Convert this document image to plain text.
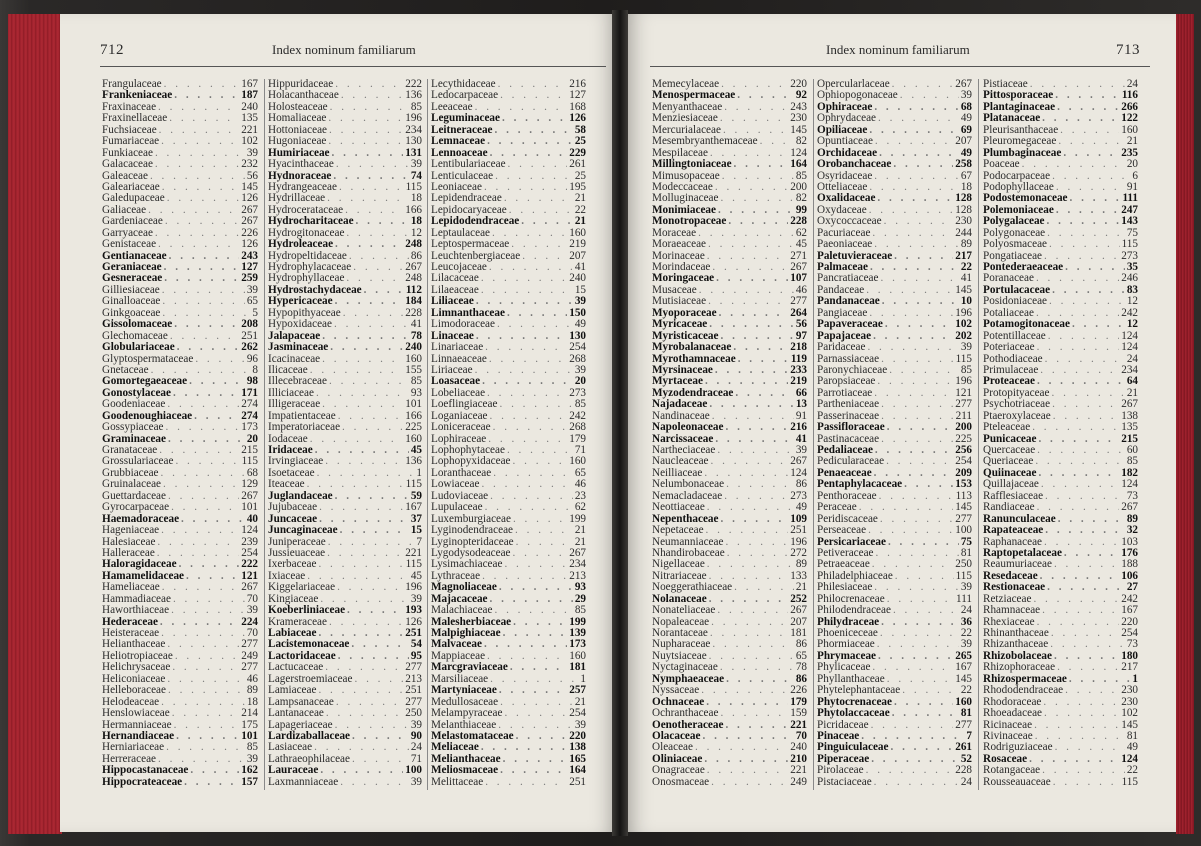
712	Index nominum familiarum
Frangulaceae . . .	167
Frankeniaceae . . .	187
Fraxinaceae . . .	240
Fraxinellaceae . . .	135
Fuchsiaceae . . .	221
Fumariaceae . . .	102
Funkiaceae . . .	39
Galacaceae . . .	232
Galeaceae . . .	56
Galeariaceae . . .	145
Galedupaceae . . .	126
Galiaceae . . .	267
Gardeniaceae . . .	267
Garryaceae . . .	226
Genistaceae . . .	126
Gentianaceae . . .	243
Geraniaceae . . .	127
Gesneraceae . . .	259
Gilliesiaceae . . .	39
Ginalloaceae . . .	65
Ginkgoaceae . . .	5
Gissolomaceae . . .	208
Glechomaceae . . .	251
Globulariaceae . . .	262
Glyptospermataceae . . .	96
Gnetaceae . . .	8
Gomortegaeaceae . . .	98
Gonostylaceae . . .	171
Goodeniaceae . . .	274
Goodenoughiaceae . . .	274
Gossypiaceae . . .	173
Graminaceae . . .	20
Granataceae . . .	215
Grossulariaceae . . .	115
Grubbiaceae . . .	68
Gruinalaceae . . .	129
Guettardaceae . . .	267
Gyrocarpaceae . . .	101
Haemadoraceae . . .	40
Hageniaceae . . .	124
Halesiaceae . . .	239
Halleraceae . . .	254
Haloragidaceae . . .	222
Hamamelidaceae . . .	121
Hameliaceae . . .	267
Hammadiaceae . . .	70
Haworthiaceae . . .	39
Hederaceae . . .	224
Heisteraceae . . .	70
Helianthaceae . . .	277
Heliotropiaceae . . .	249
Helichrysaceae . . .	277
Heliconiaceae . . .	46
Helleboraceae . . .	89
Helodeaceae . . .	18
Henslowiaceae . . .	214
Hermanniaceae . . .	175
Hernandiaceae . . .	101
Herniariaceae . . .	85
Herreraceae . . .	39
Hippocastanaceae . . .	162
Hippocrateaceae . . .	157
Hippuridaceae . . .	222
Holacanthaceae . . .	136
Holosteaceae . . .	85
Homaliaceae . . .	196
Hottoniaceae . . .	234
Hugoniaceae . . .	130
Humiriaceae . . .	131
Hyacinthaceae . . .	39
Hydnoraceae . . .	74
Hydrangeaceae . . .	115
Hydrillaceae . . .	18
Hydrocerataceae . . .	166
Hydrocharitaceae . . .	18
Hydrogitonaceae . . .	12
Hydroleaceae . . .	248
Hydropeltidaceae . . .	86
Hydrophylacaceae . . .	267
Hydrophyllaceae . . .	248
Hydrostachydaceae . . .	112
Hypericaceae . . .	184
Hypopithyaceae . . .	228
Hypoxidaceae . . .	41
Jalapaceae . . .	78
Jasminaceae . . .	240
Icacinaceae . . .	160
Ilicaceae . . .	155
Illecebraceae . . .	85
Illiciaceae . . .	93
Illigeraceae . . .	101
Impatientaceae . . .	166
Imperatoriaceae . . .	225
Iodaceae . . .	160
Iridaceae . . .	45
Irvingiaceae . . .	136
Isoetaceae . . .	1
Iteaceae . . .	115
Juglandaceae . . .	59
Jujubaceae . . .	167
Juncaceae . . .	37
Juncaginaceae . . .	15
Juniperaceae . . .	7
Jussieuaceae . . .	221
Ixerbaceae . . .	115
Ixiaceae . . .	45
Kiggelariaceae . . .	196
Kingiaceae . . .	39
Koeberliniaceae . . .	193
Krameraceae . . .	126
Labiaceae . . .	251
Lacistemonaceae . . .	54
Lactoridaceae . . .	95
Lactucaceae . . .	277
Lagerstroemiaceae . . .	213
Lamiaceae . . .	251
Lampsanaceae . . .	277
Lantanaceae . . .	250
Lapageriaceae . . .	39
Lardizaballaceae . . .	90
Lasiaceae . . .	24
Lathraeophilaceae . . .	71
Lauraceae . . .	100
Laxmanniaceae . . .	39
Lecythidaceae . . .	216
Ledocarpaceae . . .	127
Leeaceae . . .	168
Leguminaceae . . .	126
Leitneraceae . . .	58
Lemnaceae . . .	25
Lennoaceae . . .	229
Lentibulariaceae . . .	261
Lenticulaceae . . .	25
Leoniaceae . . .	195
Lepidendraceae . . .	21
Lepidocaryaceae . . .	22
Lepidodendraceae . . .	21
Leptaulaceae . . .	160
Leptospermaceae . . .	219
Leuchtenbergiaceae . . .	207
Leucojaceae . . .	41
Lilacaceae . . .	240
Lilaeaceae . . .	15
Liliaceae . . .	39
Limnanthaceae . . .	150
Limodoraceae . . .	49
Linaceae . . .	130
Linariaceae . . .	254
Linnaeaceae . . .	268
Liriaceae . . .	39
Loasaceae . . .	20
Lobeliaceae . . .	273
Loeflingiaceae . . .	85
Loganiaceae . . .	242
Loniceraceae . . .	268
Lophiraceae . . .	179
Lophophytaceae . . .	71
Lophopyxidaceae . . .	160
Loranthaceae . . .	65
Lowiaceae . . .	46
Ludoviaceae . . .	23
Lupulaceae . . .	62
Luxemburgiaceae . . .	199
Lyginodendraceae . . .	21
Lyginopteridaceae . . .	21
Lygodysodeaceae . . .	267
Lysimachiaceae . . .	234
Lythraceae . . .	213
Magnoliaceae . . .	93
Majacaceae . . .	29
Malachiaceae . . .	85
Malesherbiaceae . . .	199
Malpighiaceae . . .	139
Malvaceae . . .	173
Mappiaceae . . .	160
Marcgraviaceae . . .	181
Marsiliaceae . . .	1
Martyniaceae . . .	257
Medullosaceae . . .	21
Melampyraceae . . .	254
Melanthiaceae . . .	39
Melastomataceae . . .	220
Meliaceae . . .	138
Melianthaceae . . .	165
Meliosmaceae . . .	164
Melittaceae . . .	251
Index nominum familiarum	713
Memecylaceae . . .	220
Menospermaceae . . .	92
Menyanthaceae . . .	243
Menziesiaceae . . .	230
Mercurialaceae . . .	145
Mesembryanthemaceae . . .	82
Mespilaceae . . .	124
Millingtoniaceae . . .	164
Mimusopaceae . . .	85
Modeccaceae . . .	200
Molluginaceae . . .	82
Monimiaceae . . .	99
Monotropaceae . . .	228
Moraceae . . .	62
Moraeaceae . . .	45
Morinaceae . . .	271
Morindaceae . . .	267
Moringaceae . . .	107
Musaceae . . .	46
Mutisiaceae . . .	277
Myoporaceae . . .	264
Myricaceae . . .	56
Myristicaceae . . .	97
Myrobalanaceae . . .	218
Myrothamnaceae . . .	119
Myrsinaceae . . .	233
Myrtaceae . . .	219
Myzodendraceae . . .	66
Najadaceae . . .	13
Nandinaceae . . .	91
Napoleonaceae . . .	216
Narcissaceae . . .	41
Nartheciaceae . . .	39
Naucleaceae . . .	267
Neilliaceae . . .	124
Nelumbonaceae . . .	86
Nemacladaceae . . .	273
Neottiaceae . . .	49
Nepenthaceae . . .	109
Nepetaceae . . .	251
Neumanniaceae . . .	196
Nhandirobaceae . . .	272
Nigellaceae . . .	89
Nitrariaceae . . .	133
Noeggerathiaceae . . .	21
Nolanaceae . . .	252
Nonateliaceae . . .	267
Nopaleaceae . . .	207
Norantaceae . . .	181
Nupharaceae . . .	86
Nuytsiaceae . . .	65
Nyctaginaceae . . .	78
Nymphaeaceae . . .	86
Nyssaceae . . .	226
Ochnaceae . . .	179
Ochranthaceae . . .	159
Oenotheraceae . . .	221
Olacaceae . . .	70
Oleaceae . . .	240
Oliniaceae . . .	210
Onagraceae . . .	221
Onosmaceae . . .	249
Opercularlaceae . . .	267
Ophiopogonaceae . . .	39
Ophiraceae . . .	68
Ophrydaceae . . .	49
Opiliaceae . . .	69
Opuntiaceae . . .	207
Orchidaceae . . .	49
Orobanchaceae . . .	258
Osyridaceae . . .	67
Otteliaceae . . .	18
Oxalidaceae . . .	128
Oxydaceae . . .	128
Oxycoccaceae . . .	230
Pacuriaceae . . .	244
Paeoniaceae . . .	89
Paletuvieraceae . . .	217
Palmaceae . . .	22
Pancratiaceae . . .	41
Pandaceae . . .	145
Pandanaceae . . .	10
Pangiaceae . . .	196
Papaveraceae . . .	102
Papajaceae . . .	202
Paridaceae . . .	39
Parnassiaceae . . .	115
Paronychiaceae . . .	85
Paropsiaceae . . .	196
Parrotiaceae . . .	121
Partheniaceae . . .	277
Passerinaceae . . .	211
Passifloraceae . . .	200
Pastinacaceae . . .	225
Pedaliaceae . . .	256
Pedicularaceae . . .	254
Penaeaceae . . .	209
Pentaphylacaceae . . .	153
Penthoraceae . . .	113
Peraceae . . .	145
Peridiscaceae . . .	277
Perseaceae . . .	100
Persicariaceae . . .	75
Petiveraceae . . .	81
Petraeaceae . . .	250
Philadelphiaceae . . .	115
Philesiaceae . . .	39
Philocrenaceae . . .	111
Philodendraceae . . .	24
Philydraceae . . .	36
Phoeniceceae . . .	22
Phormiaceae . . .	39
Phrymaceae . . .	265
Phylicaceae . . .	167
Phyllanthaceae . . .	145
Phytelephantaceae . . .	22
Phytocrenaceae . . .	160
Phytolaccaceae . . .	81
Picridaceae . . .	277
Pinaceae . . .	7
Pinguiculaceae . . .	261
Piperaceae . . .	52
Pirolaceae . . .	228
Pistaciaceae . . .	24
Pistiaceae . . .	24
Pittosporaceae . . .	116
Plantaginaceae . . .	266
Platanaceae . . .	122
Pleurisanthaceae . . .	160
Pleuromegaceae . . .	21
Plumbaginaceae . . .	235
Poaceae . . .	20
Podocarpaceae . . .	6
Podophyllaceae . . .	91
Podostemonaceae . . .	111
Polemoniaceae . . .	247
Polygalaceae . . .	143
Polygonaceae . . .	75
Polyosmaceae . . .	115
Pongatiaceae . . .	273
Pontederaeaceae . . .	35
Poranaceae . . .	246
Portulacaceae . . .	83
Posidoniaceae . . .	12
Potaliaceae . . .	242
Potamogitonaceae . . .	12
Potentillaceae . . .	124
Poteriaceae . . .	124
Pothodiaceae . . .	24
Primulaceae . . .	234
Proteaceae . . .	64
Protopityaceae . . .	21
Psychotriaceae . . .	267
Ptaeroxylaceae . . .	138
Pteleaceae . . .	135
Punicaceae . . .	215
Quercaceae . . .	60
Queriaceae . . .	85
Quiinaceae . . .	182
Quillajaceae . . .	124
Rafflesiaceae . . .	73
Randiaceae . . .	267
Ranunculaceae . . .	89
Rapateaceae . . .	32
Raphanaceae . . .	103
Raptopetalaceae . . .	176
Reaumuriaceae . . .	188
Resedaceae . . .	106
Restionaceae . . .	27
Retziaceae . . .	242
Rhamnaceae . . .	167
Rhexiaceae . . .	220
Rhinanthaceae . . .	254
Rhizanthaceae . . .	73
Rhizobolaceae . . .	180
Rhizophoraceae . . .	217
Rhizospermaceae . . .	1
Rhododendraceae . . .	230
Rhodoraceae . . .	230
Rhoeadaceae . . .	102
Ricinaceae . . .	145
Rivinaceae . . .	81
Rodriguziaceae . . .	49
Rosaceae . . .	124
Rotangaceae . . .	22
Rousseauaceae . . .	115
